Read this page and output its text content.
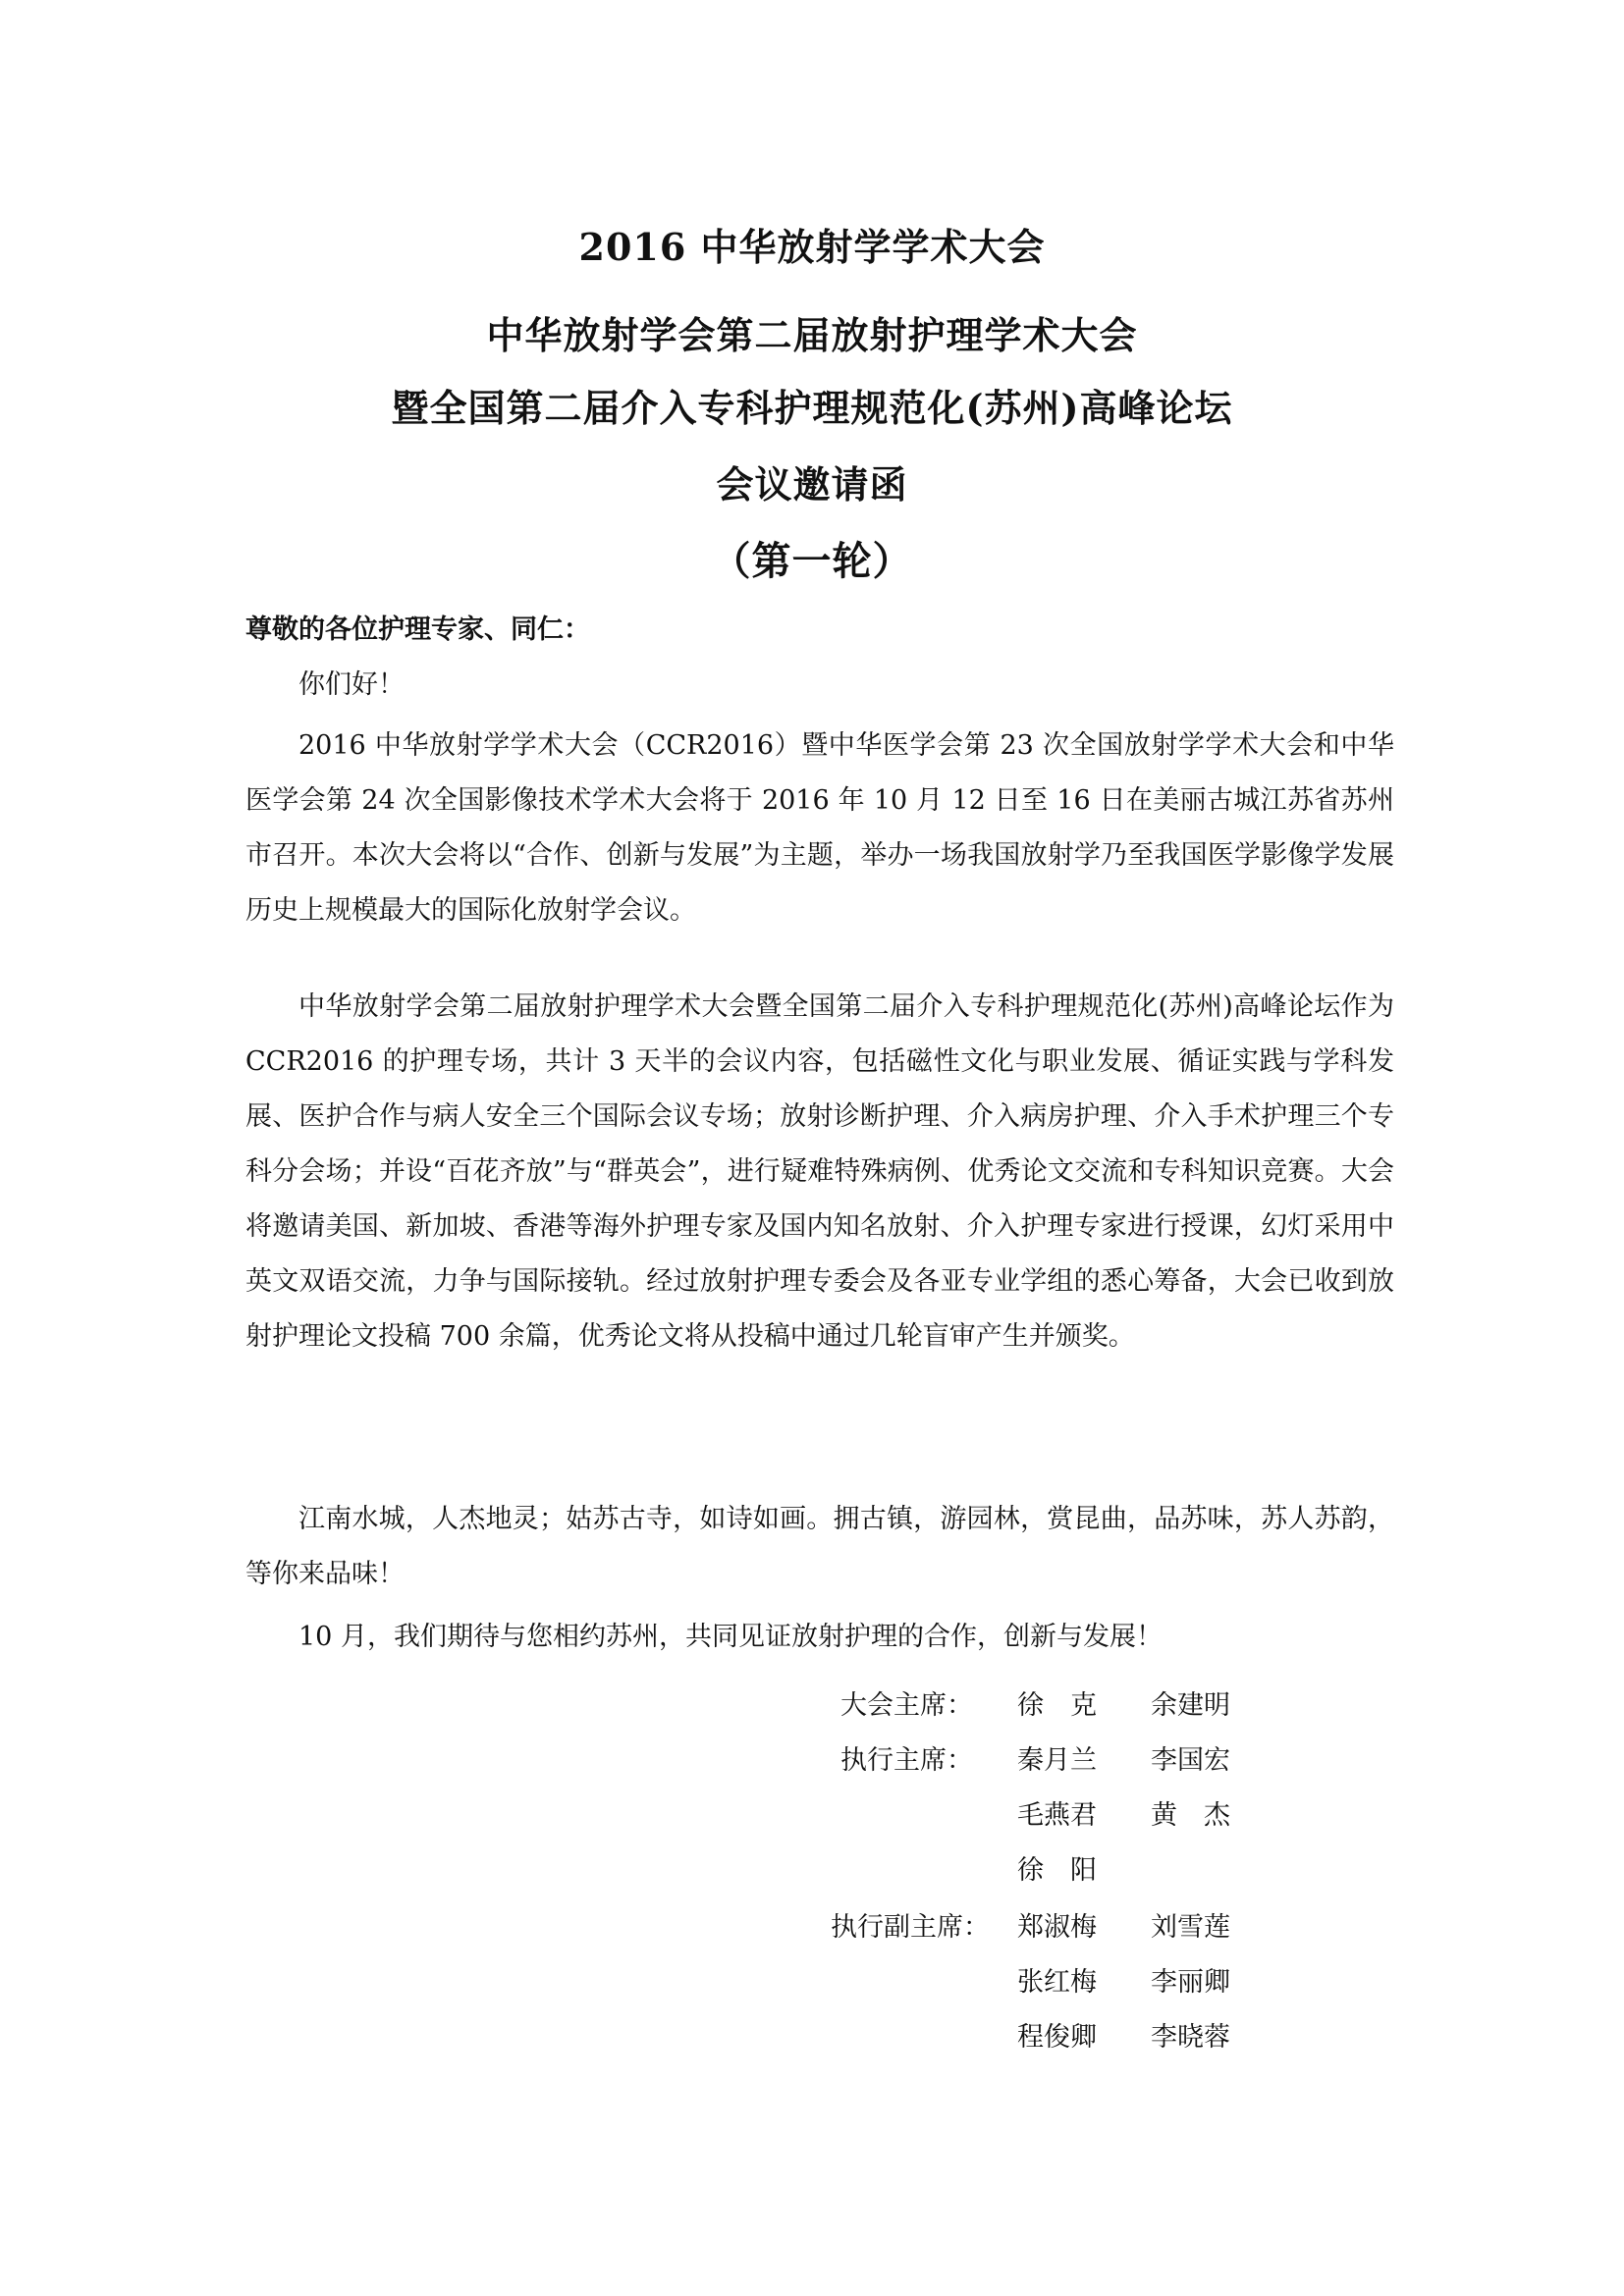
2016 中华放射学学术大会
中华放射学会第二届放射护理学术大会
暨全国第二届介入专科护理规范化(苏州)高峰论坛
会议邀请函
（第一轮）
尊敬的各位护理专家、同仁：
你们好！
2016 中华放射学学术大会（CCR2016）暨中华医学会第 23 次全国放射学学术大会和中华医学会第 24 次全国影像技术学术大会将于 2016 年 10 月 12 日至 16 日在美丽古城江苏省苏州市召开。本次大会将以“合作、创新与发展”为主题，举办一场我国放射学乃至我国医学影像学发展历史上规模最大的国际化放射学会议。
中华放射学会第二届放射护理学术大会暨全国第二届介入专科护理规范化(苏州)高峰论坛作为 CCR2016 的护理专场，共计 3 天半的会议内容，包括磁性文化与职业发展、循证实践与学科发展、医护合作与病人安全三个国际会议专场；放射诊断护理、介入病房护理、介入手术护理三个专科分会场；并设“百花齐放”与“群英会”，进行疑难特殊病例、优秀论文交流和专科知识竞赛。大会将邀请美国、新加坡、香港等海外护理专家及国内知名放射、介入护理专家进行授课，幻灯采用中英文双语交流，力争与国际接轨。经过放射护理专委会及各亚专业学组的悉心筹备，大会已收到放射护理论文投稿 700 余篇，优秀论文将从投稿中通过几轮盲审产生并颁奖。
江南水城，人杰地灵；姑苏古寺，如诗如画。拥古镇，游园林，赏昆曲，品苏味，苏人苏韵，等你来品味！
10 月，我们期待与您相约苏州，共同见证放射护理的合作，创新与发展！
大会主席： 徐　克 余建明
执行主席： 秦月兰 李国宏
毛燕君 黄　杰
徐　阳
执行副主席： 郑淑梅 刘雪莲
张红梅 李丽卿
程俊卿 李晓蓉
